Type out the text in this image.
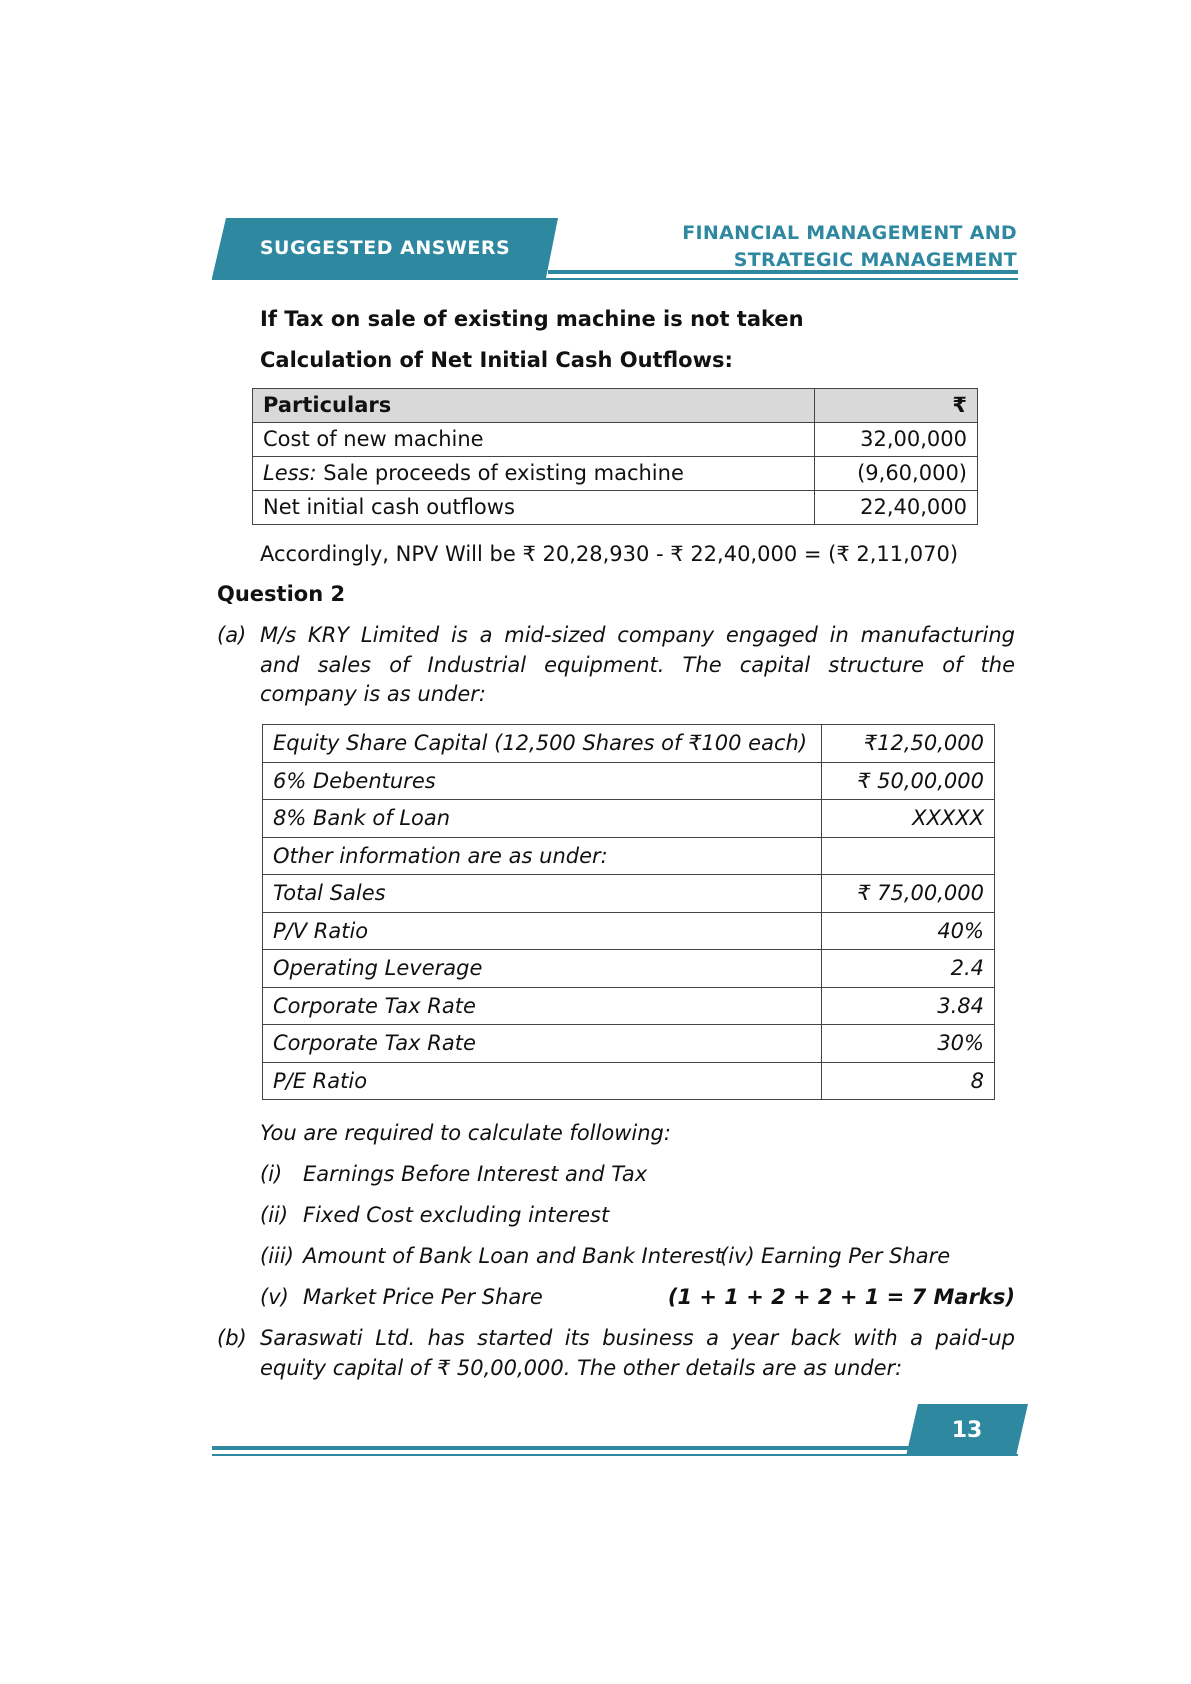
SUGGESTED ANSWERS
FINANCIAL MANAGEMENT AND
STRATEGIC MANAGEMENT
If Tax on sale of existing machine is not taken
Calculation of Net Initial Cash Outflows:
Particulars	₹
Cost of new machine	32,00,000
Less: Sale proceeds of existing machine	(9,60,000)
Net initial cash outflows	22,40,000
Accordingly, NPV Will be ₹ 20,28,930 - ₹ 22,40,000 = (₹ 2,11,070)
Question 2
(a) M/s KRY Limited is a mid-sized company engaged in manufacturing and sales of Industrial equipment. The capital structure of the company is as under:
Equity Share Capital (12,500 Shares of ₹100 each)	₹12,50,000
6% Debentures	₹ 50,00,000
8% Bank of Loan	XXXXX
Other information are as under:	
Total Sales	₹ 75,00,000
P/V Ratio	40%
Operating Leverage	2.4
Corporate Tax Rate	3.84
Corporate Tax Rate	30%
P/E Ratio	8
You are required to calculate following:
(i) Earnings Before Interest and Tax
(ii) Fixed Cost excluding interest
(iii) Amount of Bank Loan and Bank Interest
(iv) Earning Per Share
(v) Market Price Per Share	(1 + 1 + 2 + 2 + 1 = 7 Marks)
(b) Saraswati Ltd. has started its business a year back with a paid-up equity capital of ₹ 50,00,000. The other details are as under:
13
